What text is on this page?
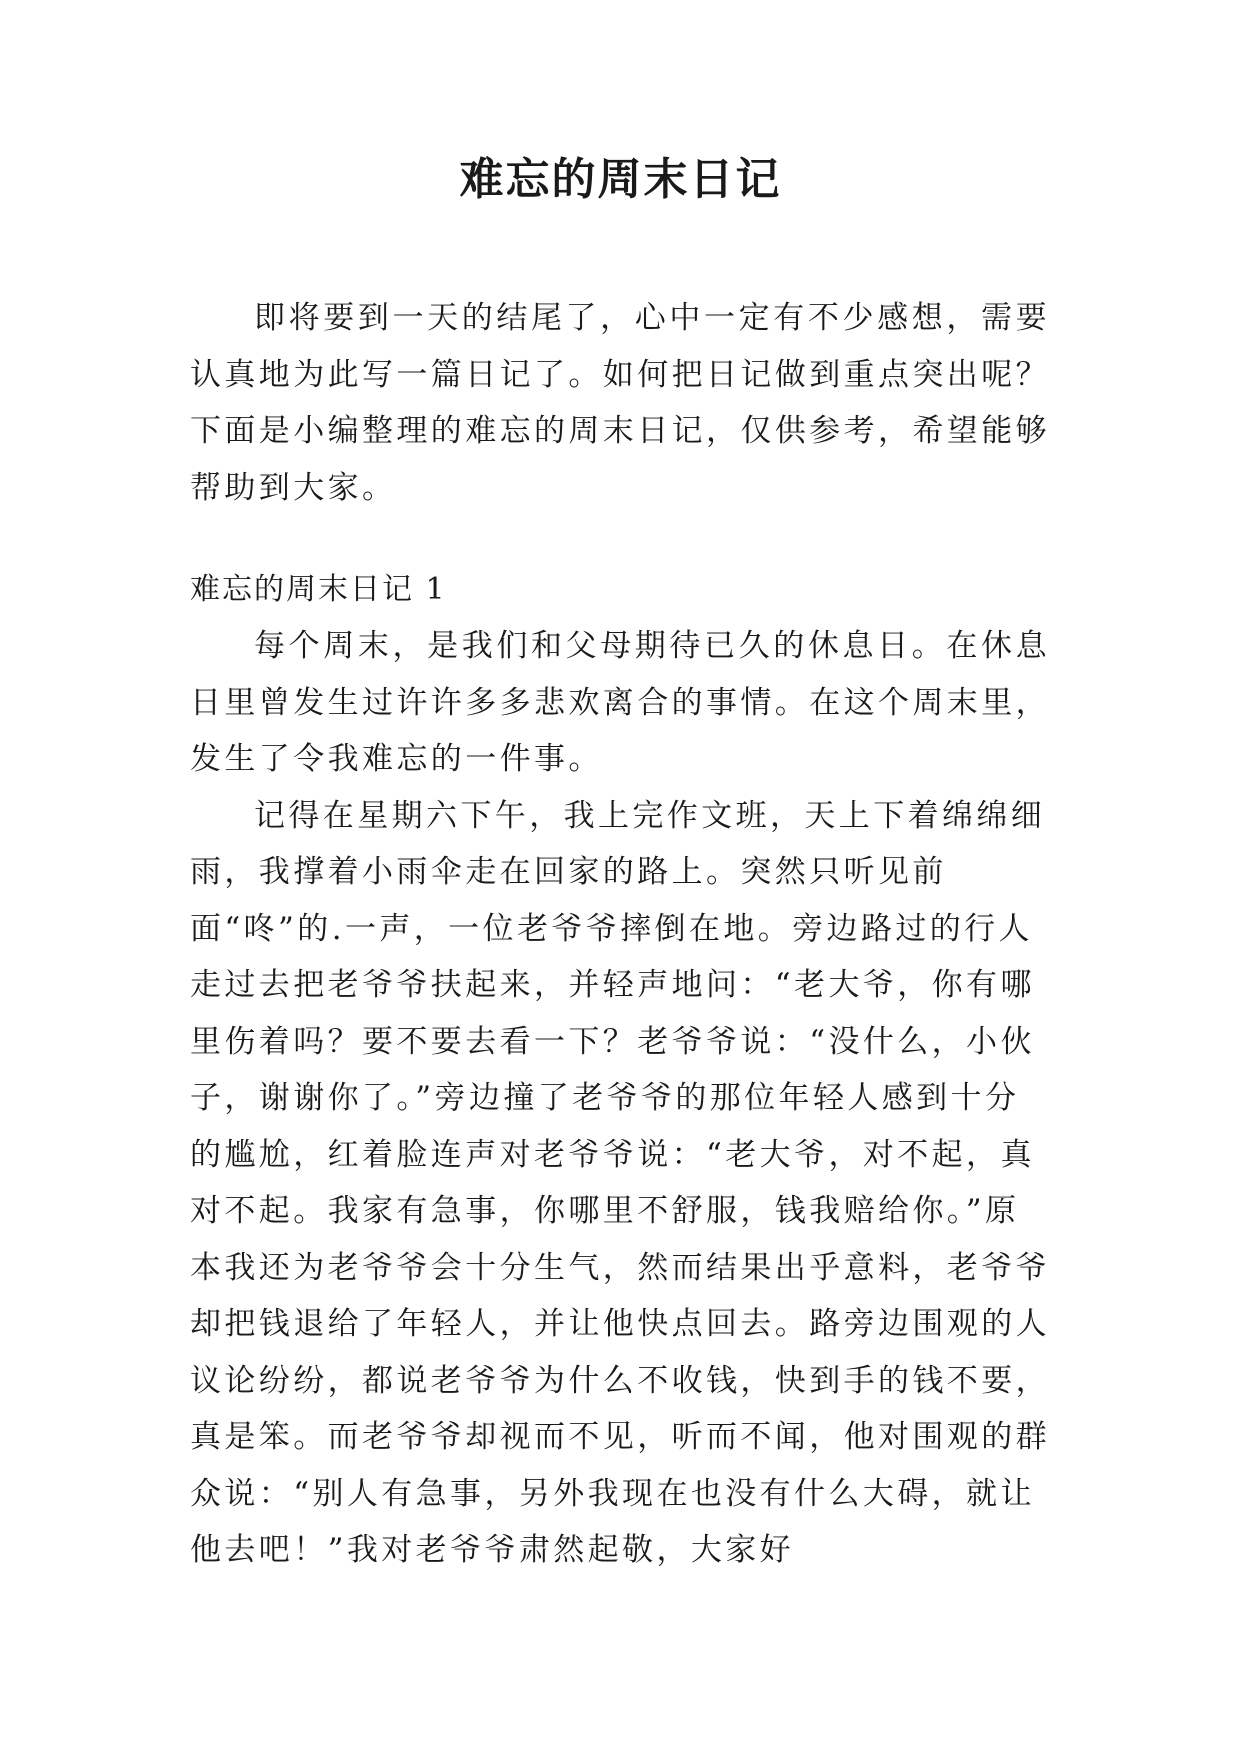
难忘的周末日记

即将要到一天的结尾了，心中一定有不少感想，需要认真地为此写一篇日记了。如何把日记做到重点突出呢？下面是小编整理的难忘的周末日记，仅供参考，希望能够帮助到大家。

难忘的周末日记 1

每个周末，是我们和父母期待已久的休息日。在休息日里曾发生过许许多多悲欢离合的事情。在这个周末里，发生了令我难忘的一件事。

记得在星期六下午，我上完作文班，天上下着绵绵细雨，我撑着小雨伞走在回家的路上。突然只听见前面“咚”的.一声，一位老爷爷摔倒在地。旁边路过的行人走过去把老爷爷扶起来，并轻声地问：“老大爷，你有哪里伤着吗？要不要去看一下？老爷爷说：“没什么，小伙子，谢谢你了。”旁边撞了老爷爷的那位年轻人感到十分的尴尬，红着脸连声对老爷爷说：“老大爷，对不起，真对不起。我家有急事，你哪里不舒服，钱我赔给你。”原本我还为老爷爷会十分生气，然而结果出乎意料，老爷爷却把钱退给了年轻人，并让他快点回去。路旁边围观的人议论纷纷，都说老爷爷为什么不收钱，快到手的钱不要，真是笨。而老爷爷却视而不见，听而不闻，他对围观的群众说：“别人有急事，另外我现在也没有什么大碍，就让他去吧！”我对老爷爷肃然起敬，大家好
